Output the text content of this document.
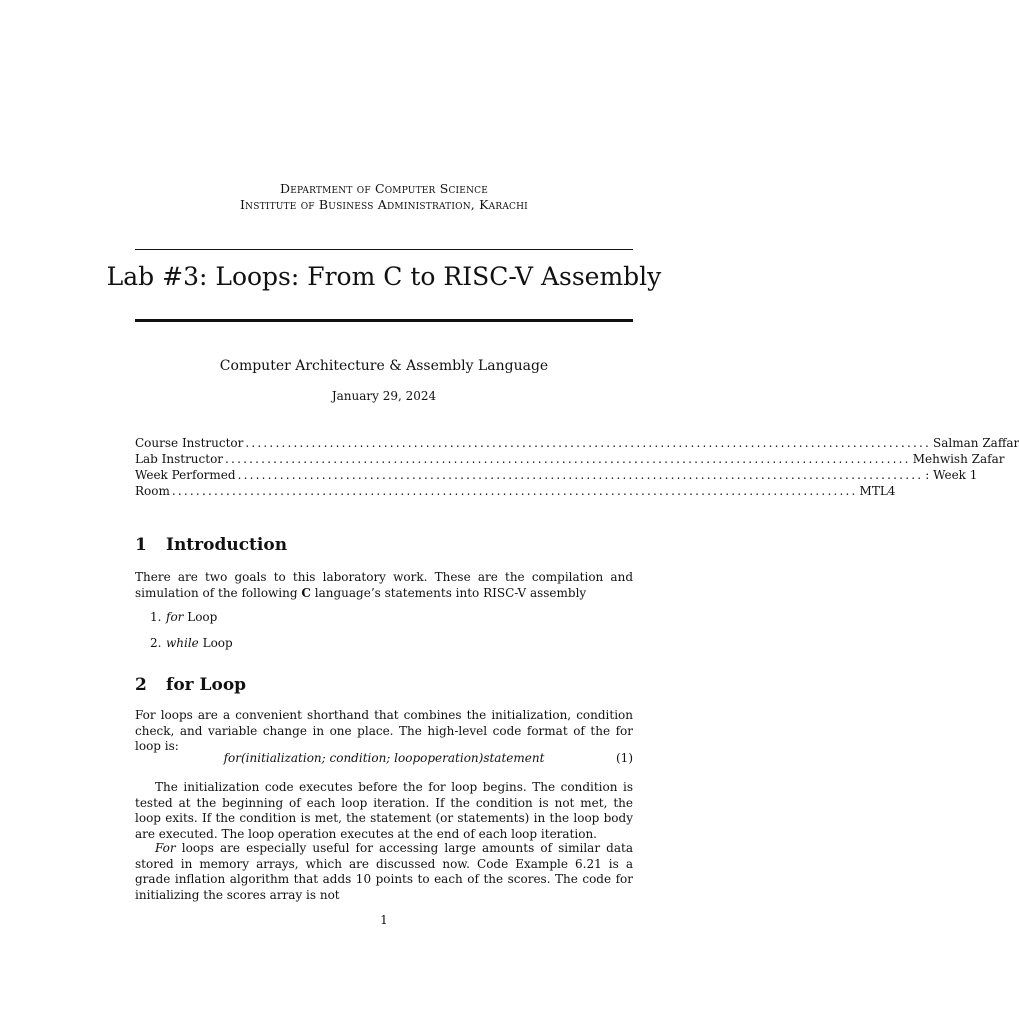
Department of Computer Science
Institute of Business Administration, Karachi
Lab #3: Loops: From C to RISC-V Assembly
Computer Architecture & Assembly Language
January 29, 2024
Course Instructor .................................................................................................................. Salman Zaffar
Lab Instructor .................................................................................................................. Mehwish Zafar
Week Performed .................................................................................................................. : Week 1
Room .................................................................................................................. MTL4
1 Introduction

There are two goals to this laboratory work. These are the compilation and simulation of the following C language’s statements into RISC-V assembly

1. for Loop
2. while Loop
2 for Loop

For loops are a convenient shorthand that combines the initialization, condition check, and variable change in one place. The high-level code format of the for loop is:

for(initialization; condition; loopoperation)statement	(1)

The initialization code executes before the for loop begins. The condition is tested at the beginning of each loop iteration. If the condition is not met, the loop exits. If the condition is met, the statement (or statements) in the loop body are executed. The loop operation executes at the end of each loop iteration.

For loops are especially useful for accessing large amounts of similar data stored in memory arrays, which are discussed now. Code Example 6.21 is a grade inflation algorithm that adds 10 points to each of the scores. The code for initializing the scores array is not

1
